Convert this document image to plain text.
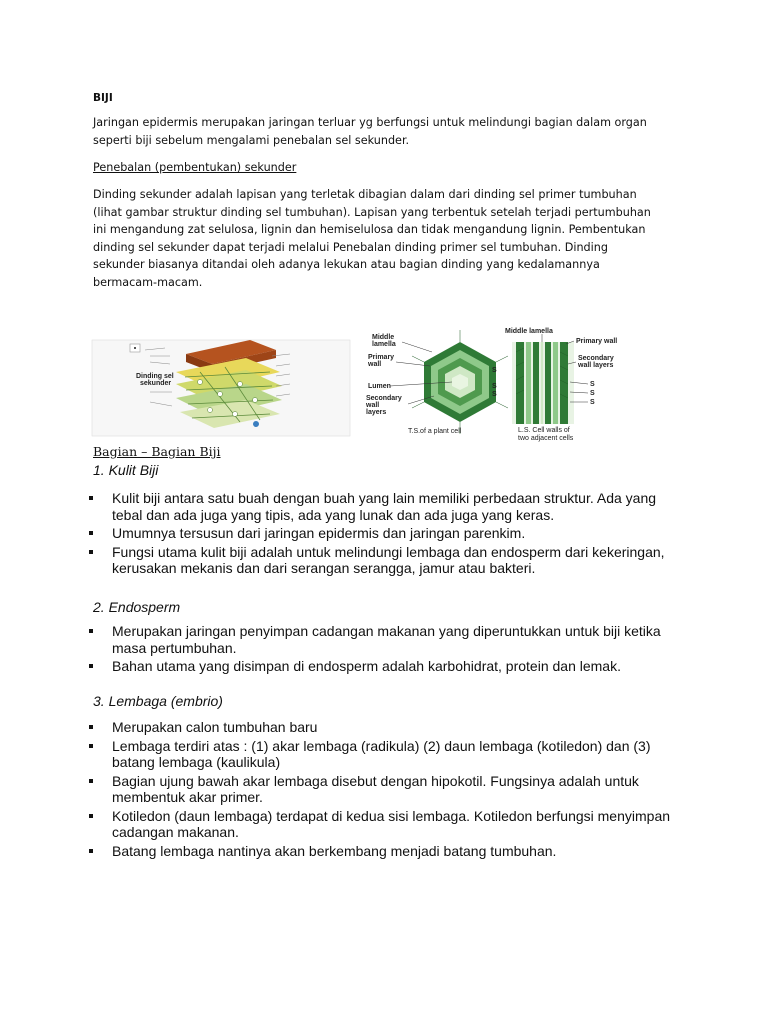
BIJI
Jaringan epidermis merupakan jaringan terluar yg berfungsi untuk melindungi bagian dalam organ
seperti biji sebelum mengalami penebalan sel sekunder.
Penebalan (pembentukan) sekunder
Dinding sekunder adalah lapisan yang terletak dibagian dalam dari dinding sel primer tumbuhan
(lihat gambar struktur dinding sel tumbuhan). Lapisan yang terbentuk setelah terjadi pertumbuhan
ini mengandung zat selulosa, lignin dan hemiselulosa dan tidak mengandung lignin. Pembentukan
dinding sel sekunder dapat terjadi melalui Penebalan dinding primer sel tumbuhan. Dinding
sekunder biasanya ditandai oleh adanya lekukan atau bagian dinding yang kedalamannya
bermacam-macam.
Dinding sel
sekunder
Middle
lamella
Primary
wall
Lumen
Secondary
wall
layers
S
S
S
T.S.of a plant cell
Middle lamella
Primary wall
Secondary
wall layers
S
S
S
L.S. Cell walls of
two adjacent cells
Bagian – Bagian Biji
1. Kulit Biji
Kulit biji antara satu buah dengan buah yang lain memiliki perbedaan struktur. Ada yang tebal dan ada juga yang tipis, ada yang lunak dan ada juga yang keras.
Umumnya tersusun dari jaringan epidermis dan jaringan parenkim.
Fungsi utama kulit biji adalah untuk melindungi lembaga dan endosperm dari kekeringan, kerusakan mekanis dan dari serangan serangga, jamur atau bakteri.
2. Endosperm
Merupakan jaringan penyimpan cadangan makanan yang diperuntukkan untuk biji ketika masa pertumbuhan.
Bahan utama yang disimpan di endosperm adalah karbohidrat, protein dan lemak.
3. Lembaga (embrio)
Merupakan calon tumbuhan baru
Lembaga terdiri atas : (1) akar lembaga (radikula) (2) daun lembaga (kotiledon) dan (3) batang lembaga (kaulikula)
Bagian ujung bawah akar lembaga disebut dengan hipokotil. Fungsinya adalah untuk membentuk akar primer.
Kotiledon (daun lembaga) terdapat di kedua sisi lembaga. Kotiledon berfungsi menyimpan cadangan makanan.
Batang lembaga nantinya akan berkembang menjadi batang tumbuhan.
